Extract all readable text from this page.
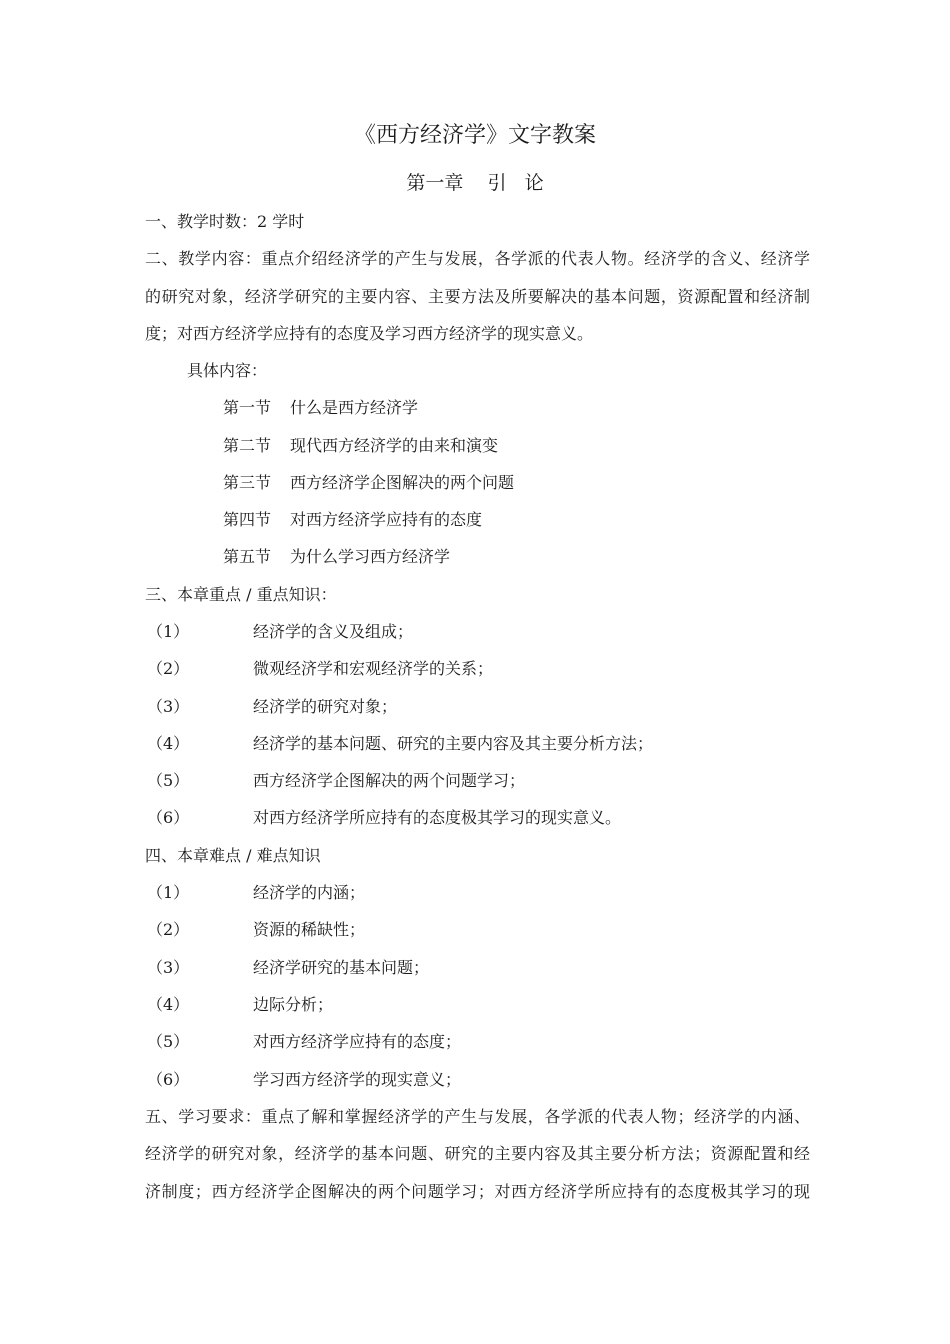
《西方经济学》文字教案
第一章    引   论
一、教学时数：2 学时
二、教学内容：重点介绍经济学的产生与发展，各学派的代表人物。经济学的含义、经济学
的研究对象，经济学研究的主要内容、主要方法及所要解决的基本问题，资源配置和经济制
度；对西方经济学应持有的态度及学习西方经济学的现实意义。
具体内容：
第一节 什么是西方经济学
第二节 现代西方经济学的由来和演变
第三节 西方经济学企图解决的两个问题
第四节 对西方经济学应持有的态度
第五节 为什么学习西方经济学
三、本章重点 / 重点知识：
（1）	经济学的含义及组成；
（2）	微观经济学和宏观经济学的关系；
（3）	经济学的研究对象；
（4）	经济学的基本问题、研究的主要内容及其主要分析方法；
（5）	西方经济学企图解决的两个问题学习；
（6）	对西方经济学所应持有的态度极其学习的现实意义。
四、本章难点 / 难点知识
（1）	经济学的内涵；
（2）	资源的稀缺性；
（3）	经济学研究的基本问题；
（4）	边际分析；
（5）	对西方经济学应持有的态度；
（6）	学习西方经济学的现实意义；
五、学习要求：重点了解和掌握经济学的产生与发展，各学派的代表人物；经济学的内涵、
经济学的研究对象，经济学的基本问题、研究的主要内容及其主要分析方法；资源配置和经
济制度；西方经济学企图解决的两个问题学习；对西方经济学所应持有的态度极其学习的现
